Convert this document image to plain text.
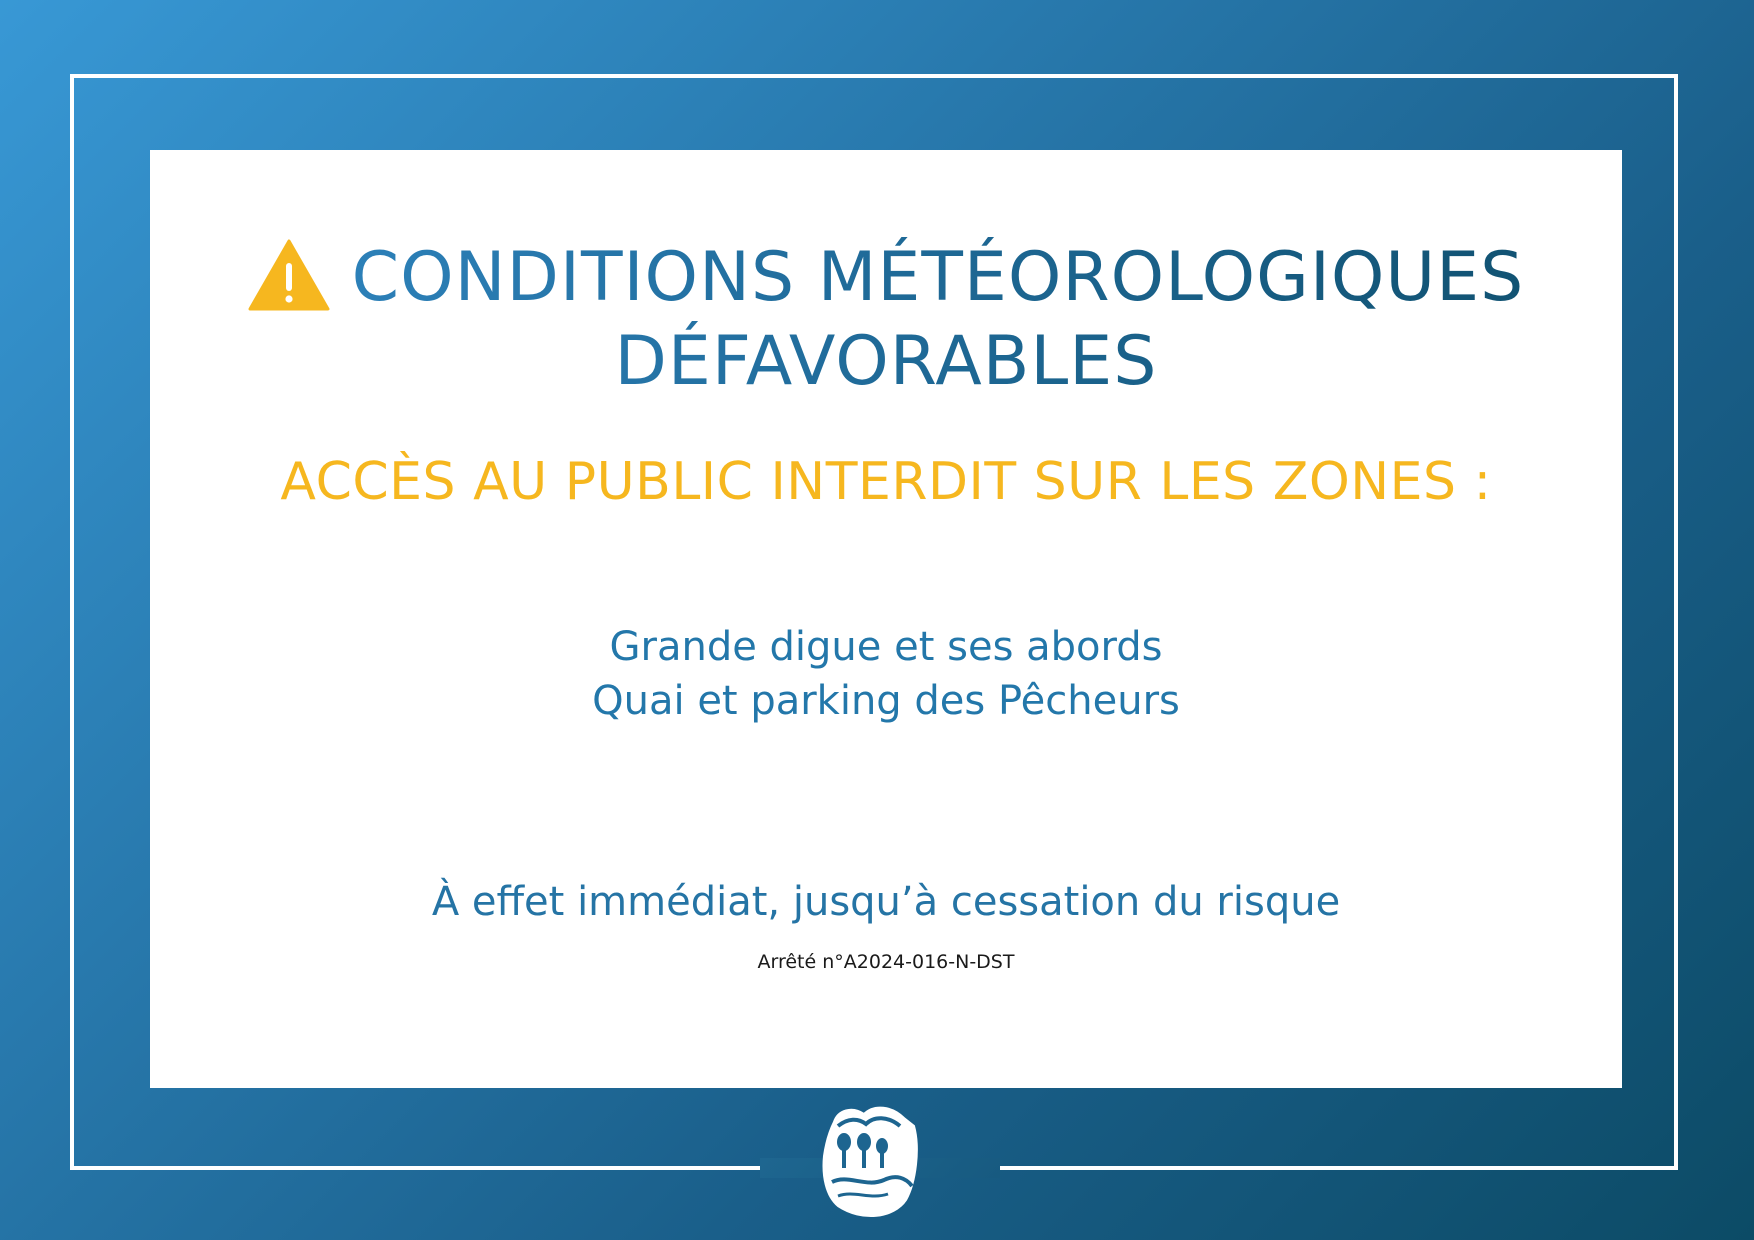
CONDITIONS MÉTÉOROLOGIQUES
DÉFAVORABLES
ACCÈS AU PUBLIC INTERDIT SUR LES ZONES :
Grande digue et ses abords
Quai et parking des Pêcheurs
À effet immédiat, jusqu’à cessation du risque
Arrêté n°A2024-016-N-DST
